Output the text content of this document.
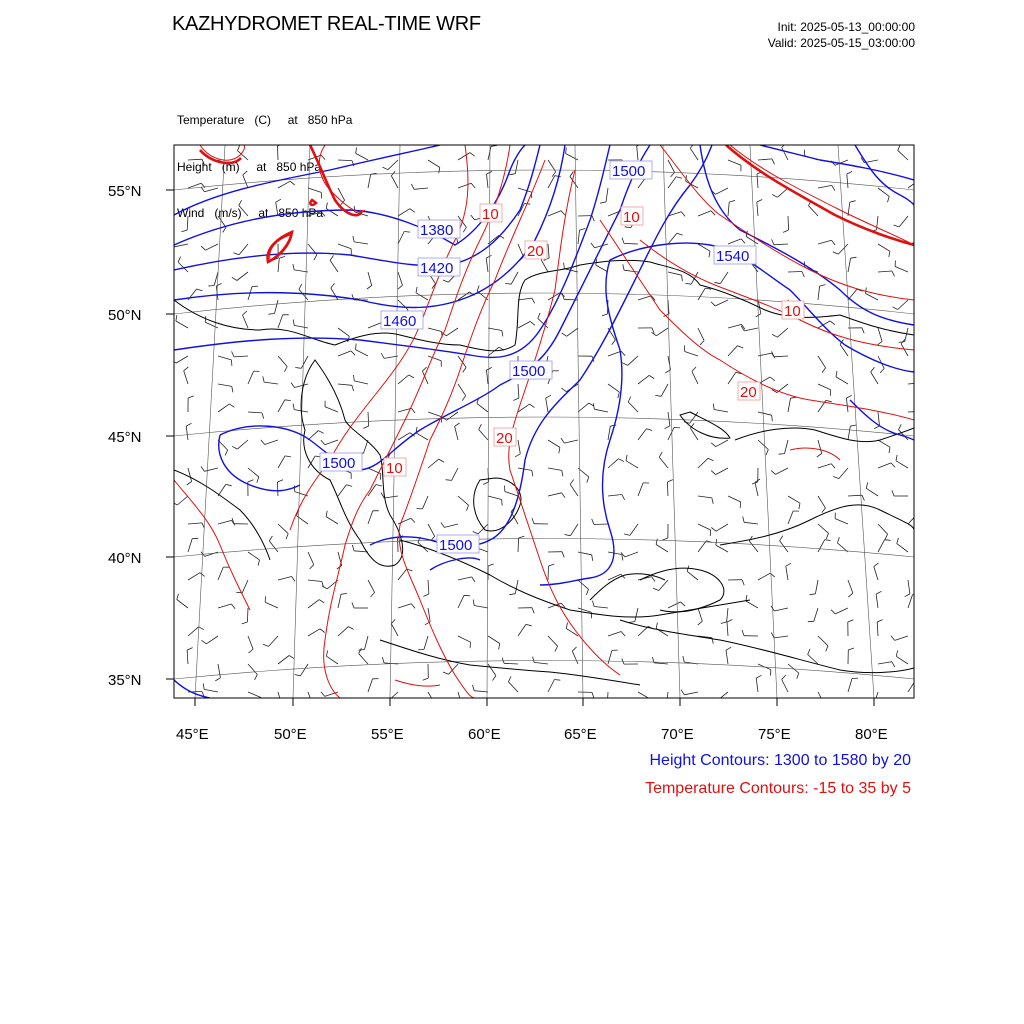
KAZHYDROMET REAL-TIME WRF	Init: 2025-05-13_00:00:00
Valid: 2025-05-15_03:00:00

Temperature   (C)     at   850 hPa

Height   (m)     at   850 hPa

Wind   (m/s)     at   850 hPa

55°N
50°N
45°N
40°N
35°N
45°E	50°E	55°E	60°E	65°E	70°E	75°E	80°E
1500
1380
1420
1540
1460
1500
1500
1500
10	10
20
10
20
20
10
Height Contours: 1300 to 1580 by 20
Temperature Contours: -15 to 35 by 5
